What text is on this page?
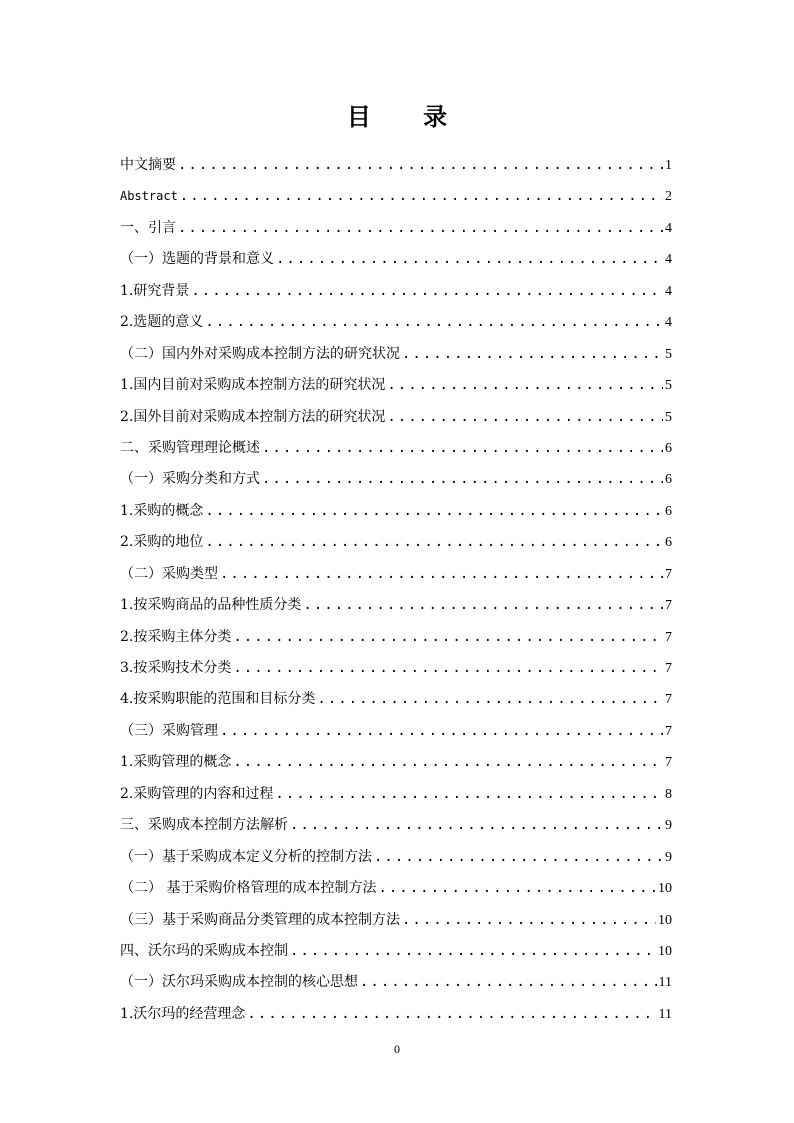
目 录
中文摘要 .....	1
Abstract .....	2
一、引言 .....	4
（一）选题的背景和意义 .....	4
1.研究背景 .....	4
2.选题的意义 .....	4
（二）国内外对采购成本控制方法的研究状况 .....	5
1.国内目前对采购成本控制方法的研究状况 .....	5
2.国外目前对采购成本控制方法的研究状况 .....	5
二、采购管理理论概述 .....	6
（一）采购分类和方式 .....	6
1.采购的概念 .....	6
2.采购的地位 .....	6
（二）采购类型 .....	7
1.按采购商品的品种性质分类 .....	7
2.按采购主体分类 .....	7
3.按采购技术分类 .....	7
4.按采购职能的范围和目标分类 .....	7
（三）采购管理 .....	7
1.采购管理的概念 .....	7
2.采购管理的内容和过程 .....	8
三、采购成本控制方法解析 .....	9
（一）基于采购成本定义分析的控制方法 .....	9
（二） 基于采购价格管理的成本控制方法 .....	10
（三）基于采购商品分类管理的成本控制方法 .....	10
四、沃尔玛的采购成本控制 .....	10
（一）沃尔玛采购成本控制的核心思想 .....	11
1.沃尔玛的经营理念 .....	11
0
